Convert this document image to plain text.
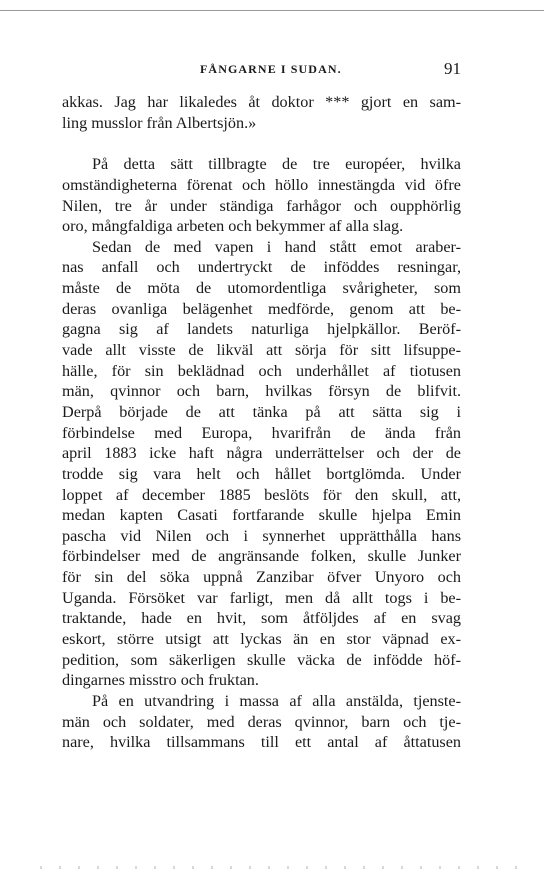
FÅNGARNE I SUDAN.	91
akkas. Jag har likaledes åt doktor *** gjort en sam-
ling musslor från Albertsjön.»
På detta sätt tillbragte de tre européer, hvilka
omständigheterna förenat och höllo innestängda vid öfre
Nilen, tre år under ständiga farhågor och oupphörlig
oro, mångfaldiga arbeten och bekymmer af alla slag.
Sedan de med vapen i hand stått emot araber-
nas anfall och undertryckt de inföddes resningar,
måste de möta de utomordentliga svårigheter, som
deras ovanliga belägenhet medförde, genom att be-
gagna sig af landets naturliga hjelpkällor. Beröf-
vade allt visste de likväl att sörja för sitt lifsuppe-
hälle, för sin beklädnad och underhållet af tiotusen
män, qvinnor och barn, hvilkas försyn de blifvit.
Derpå började de att tänka på att sätta sig i
förbindelse med Europa, hvarifrån de ända från
april 1883 icke haft några underrättelser och der de
trodde sig vara helt och hållet bortglömda. Under
loppet af december 1885 beslöts för den skull, att,
medan kapten Casati fortfarande skulle hjelpa Emin
pascha vid Nilen och i synnerhet upprätthålla hans
förbindelser med de angränsande folken, skulle Junker
för sin del söka uppnå Zanzibar öfver Unyoro och
Uganda. Försöket var farligt, men då allt togs i be-
traktande, hade en hvit, som åtföljdes af en svag
eskort, större utsigt att lyckas än en stor väpnad ex-
pedition, som säkerligen skulle väcka de infödde höf-
dingarnes misstro och fruktan.
På en utvandring i massa af alla anstälda, tjenste-
män och soldater, med deras qvinnor, barn och tje-
nare, hvilka tillsammans till ett antal af åttatusen
